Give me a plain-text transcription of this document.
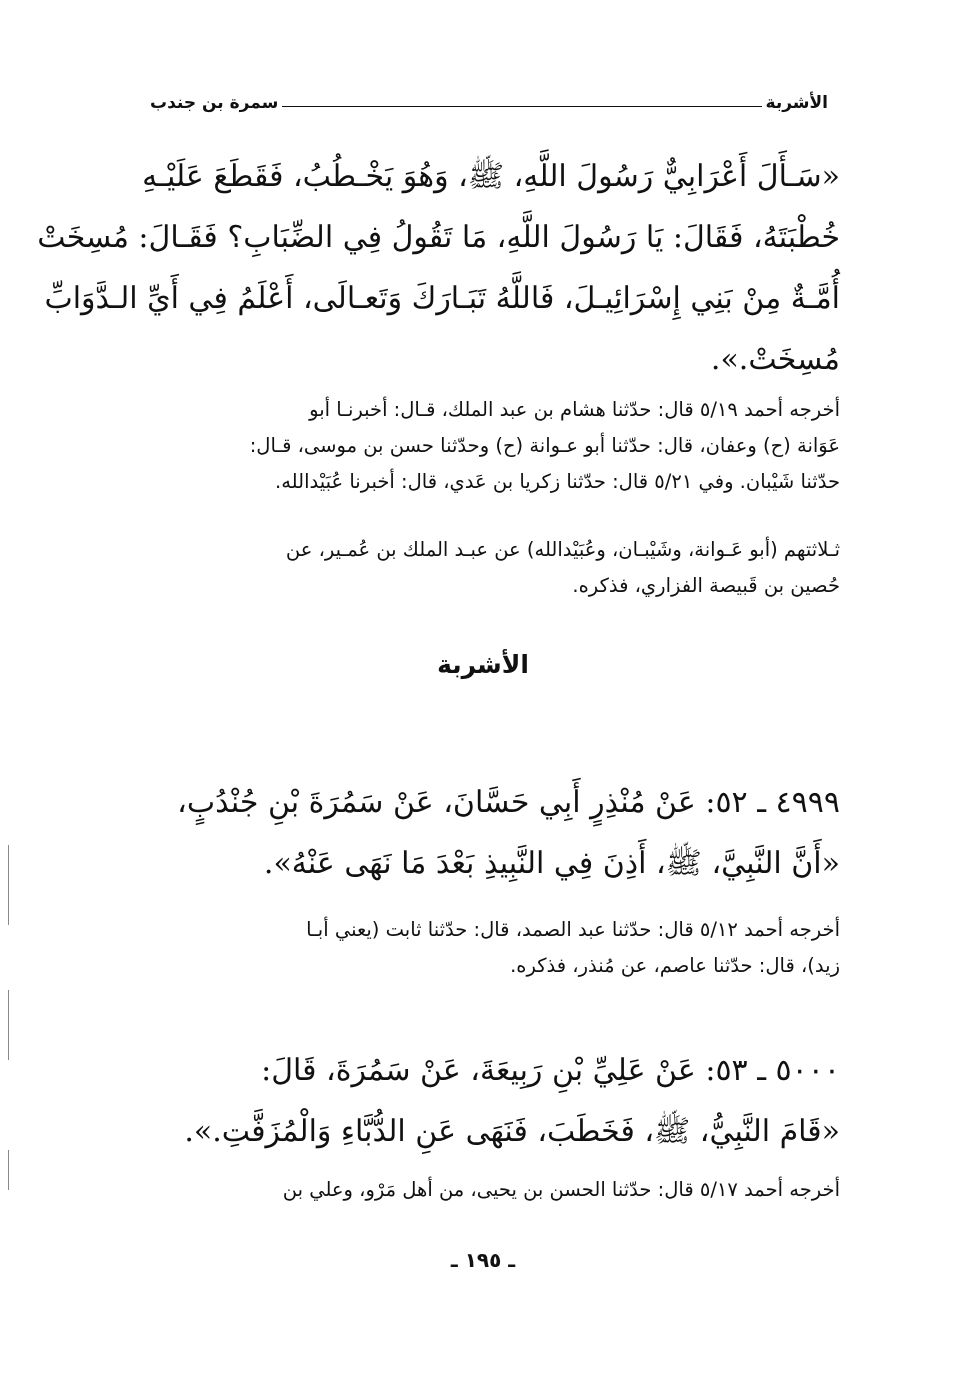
الأشربة
سمرة بن جندب
«سَـأَلَ أَعْرَابِيٌّ رَسُولَ اللَّهِ، ﷺ، وَهُوَ يَخْـطُبُ، فَقَطَعَ عَلَيْـهِ
خُطْبَتَهُ، فَقَالَ: يَا رَسُولَ اللَّهِ، مَا تَقُولُ فِي الضِّبَابِ؟ فَقَـالَ: مُسِخَتْ
أُمَّـةٌ مِنْ بَنِي إِسْرَائِيـلَ، فَاللَّهُ تَبَـارَكَ وَتَعـالَى، أَعْلَمُ فِي أَيِّ الـدَّوَابِّ
مُسِخَتْ.».
أخرجه أحمد ٥/١٩ قال: حدّثنا هشام بن عبد الملك، قـال: أخبرنـا أبو
عَوَانة (ح) وعفان، قال: حدّثنا أبو عـوانة (ح) وحدّثنا حسن بن موسى، قـال:
حدّثنا شَيْبان. وفي ٥/٢١ قال: حدّثنا زكريا بن عَدي، قال: أخبرنا عُبَيْدالله.
ثـلاثتهم (أبو عَـوانة، وشَيْبـان، وعُبَيْدالله) عن عبـد الملك بن عُمـير، عن
حُصين بن قَبيصة الفزاري، فذكره.
الأشربة
٤٩٩٩ ـ ٥٢: عَنْ مُنْذِرٍ أَبِي حَسَّانَ، عَنْ سَمُرَةَ بْنِ جُنْدُبٍ،
«أَنَّ النَّبِيَّ، ﷺ، أَذِنَ فِي النَّبِيذِ بَعْدَ مَا نَهَى عَنْهُ».
أخرجه أحمد ٥/١٢ قال: حدّثنا عبد الصمد، قال: حدّثنا ثابت (يعني أبـا
زيد)، قال: حدّثنا عاصم، عن مُنذر، فذكره.
٥٠٠٠ ـ ٥٣: عَنْ عَلِيِّ بْنِ رَبِيعَةَ، عَنْ سَمُرَةَ، قَالَ:
«قَامَ النَّبِيُّ، ﷺ، فَخَطَبَ، فَنَهَى عَنِ الدُّبَّاءِ وَالْمُزَفَّتِ.».
أخرجه أحمد ٥/١٧ قال: حدّثنا الحسن بن يحيى، من أهل مَرْو، وعلي بن
ـ ١٩٥ ـ
